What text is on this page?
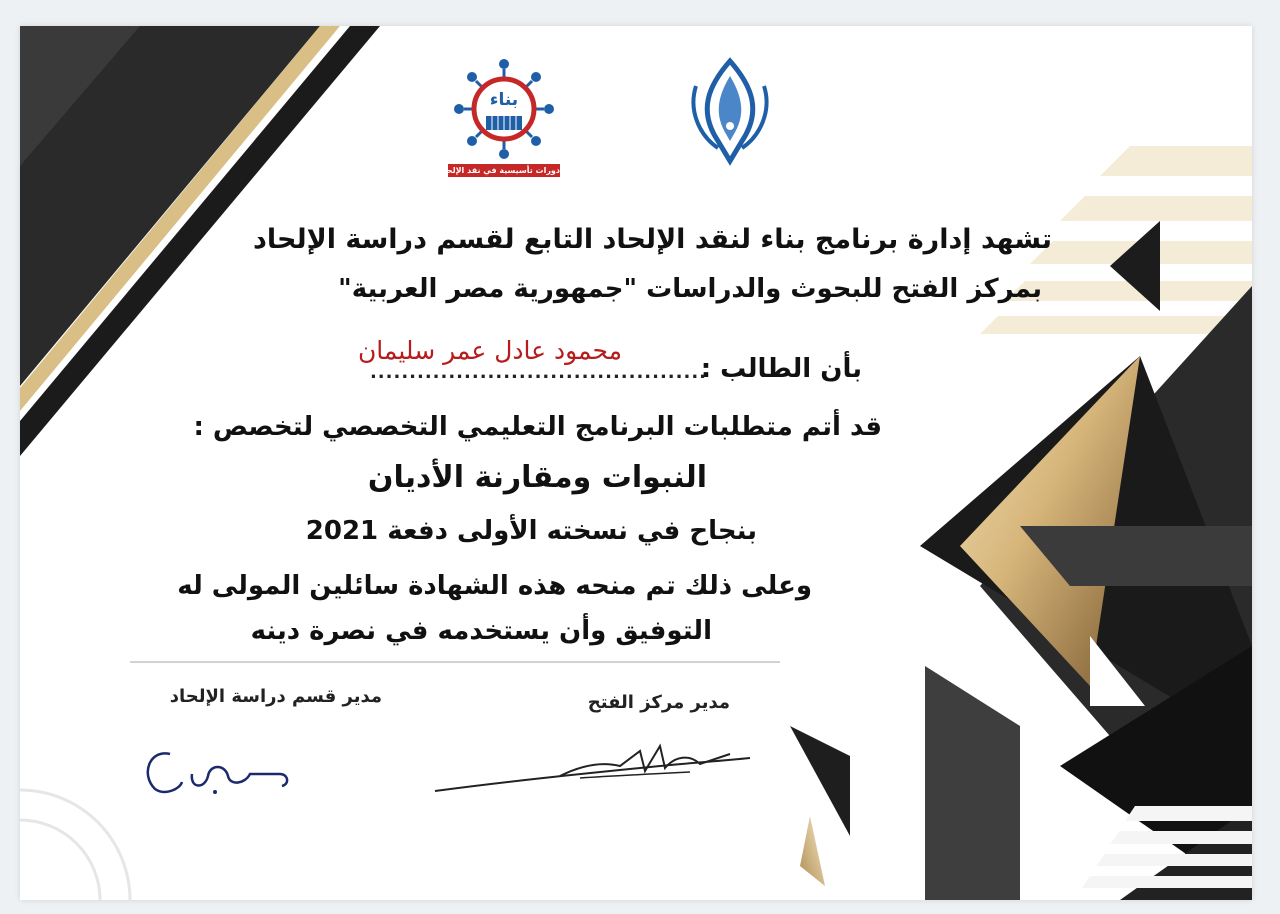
بناء
دورات تأسيسية في نقد الإلحاد
تشهد إدارة برنامج بناء لنقد الإلحاد التابع لقسم دراسة الإلحاد
بمركز الفتح للبحوث والدراسات "جمهورية مصر العربية"
بأن الطالب :
...........................................
محمود عادل عمر سليمان
قد أتم متطلبات البرنامج التعليمي التخصصي لتخصص :
النبوات ومقارنة الأديان
بنجاح في نسخته الأولى دفعة 2021
وعلى ذلك تم منحه هذه الشهادة سائلين المولى له
التوفيق وأن يستخدمه في نصرة دينه
مدير قسم دراسة الإلحاد	مدير مركز الفتح
